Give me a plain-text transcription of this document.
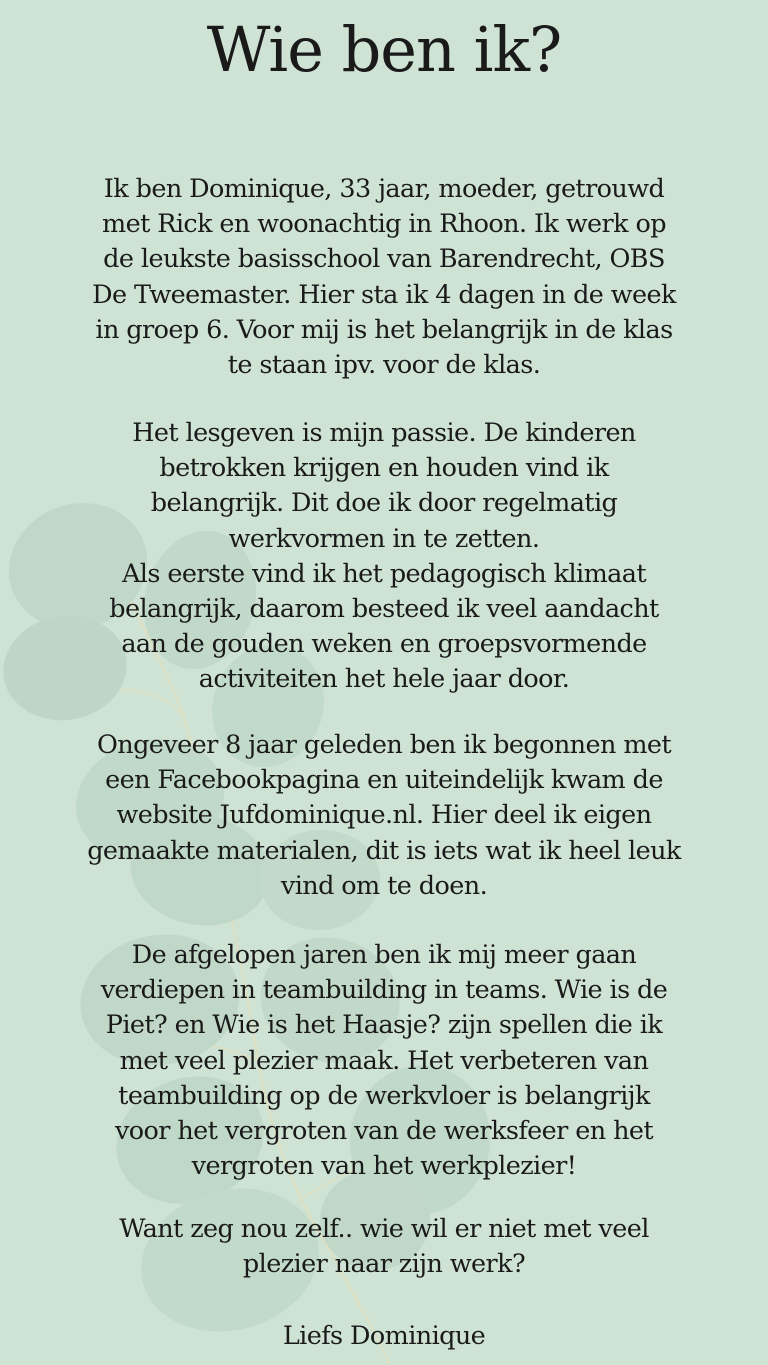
Wie ben ik?

Ik ben Dominique, 33 jaar, moeder, getrouwd
met Rick en woonachtig in Rhoon. Ik werk op
de leukste basisschool van Barendrecht, OBS
De Tweemaster. Hier sta ik 4 dagen in de week
in groep 6. Voor mij is het belangrijk in de klas
te staan ipv. voor de klas.

Het lesgeven is mijn passie. De kinderen
betrokken krijgen en houden vind ik
belangrijk. Dit doe ik door regelmatig
werkvormen in te zetten.
Als eerste vind ik het pedagogisch klimaat
belangrijk, daarom besteed ik veel aandacht
aan de gouden weken en groepsvormende
activiteiten het hele jaar door.

Ongeveer 8 jaar geleden ben ik begonnen met
een Facebookpagina en uiteindelijk kwam de
website Jufdominique.nl. Hier deel ik eigen
gemaakte materialen, dit is iets wat ik heel leuk
vind om te doen.

De afgelopen jaren ben ik mij meer gaan
verdiepen in teambuilding in teams. Wie is de
Piet? en Wie is het Haasje? zijn spellen die ik
met veel plezier maak. Het verbeteren van
teambuilding op de werkvloer is belangrijk
voor het vergroten van de werksfeer en het
vergroten van het werkplezier!

Want zeg nou zelf.. wie wil er niet met veel
plezier naar zijn werk?

Liefs Dominique
